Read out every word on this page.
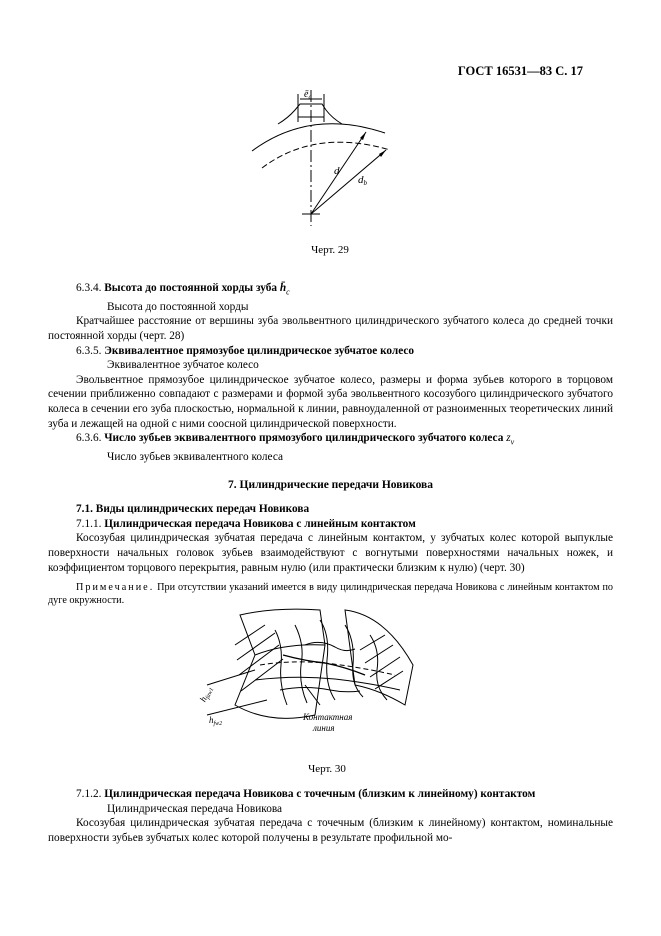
ГОСТ 16531—83 С. 17
$ē_c$
d
db
Черт. 29

6.3.4. Высота до постоянной хорды зуба $h̄_c$

Высота до постоянной хорды

Кратчайшее расстояние от вершины зуба эвольвентного цилиндрического зубчатого колеса до средней точки постоянной хорды (черт. 28)

6.3.5. Эквивалентное прямозубое цилиндрическое зубчатое колесо

Эквивалентное зубчатое колесо

Эвольвентное прямозубое цилиндрическое зубчатое колесо, размеры и форма зубьев которого в торцовом сечении приближенно совпадают с размерами и формой зуба эвольвентного косозубого цилиндрического зубчатого колеса в сечении его зуба плоскостью, нормальной к линии, равноудаленной от разноименных теоретических линий зуба и лежащей на одной с ними соосной цилиндрической поверхности.

6.3.6. Число зубьев эквивалентного прямозубого цилиндрического зубчатого колеса $z_v$

Число зубьев эквивалентного колеса

7. Цилиндрические передачи Новикова

7.1. Виды цилиндрических передач Новикова

7.1.1. Цилиндрическая передача Новикова с линейным контактом

Косозубая цилиндрическая зубчатая передача с линейным контактом, у зубчатых колес которой выпуклые поверхности начальных головок зубьев взаимодействуют с вогнутыми поверхностями начальных ножек, и коэффициентом торцового перекрытия, равным нулю (или практически близким к нулю) (черт. 30)

Примечание. При отсутствии указаний имеется в виду цилиндрическая передача Новикова с линейным контактом по дуге окружности.

$h_{faw1}$
$h_{fw2}$
Контактная
линия
Черт. 30

7.1.2. Цилиндрическая передача Новикова с точечным (близким к линейному) контактом

Цилиндрическая передача Новикова

Косозубая цилиндрическая зубчатая передача с точечным (близким к линейному) контактом, номинальные поверхности зубьев зубчатых колес которой получены в результате профильной мо-
